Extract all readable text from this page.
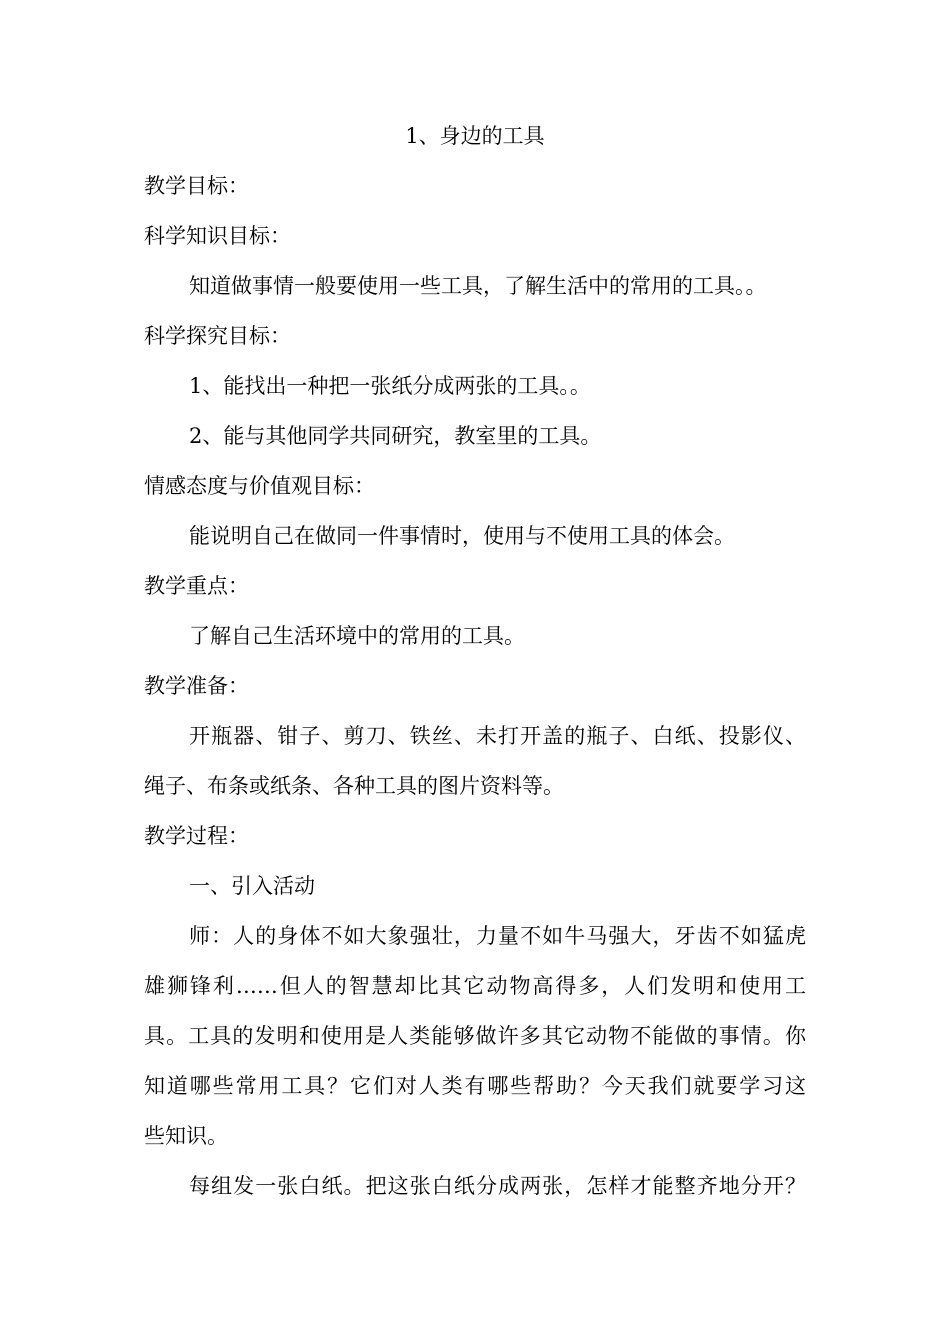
1、身边的工具
教学目标：
科学知识目标：
知道做事情一般要使用一些工具，了解生活中的常用的工具。。
科学探究目标：
1、能找出一种把一张纸分成两张的工具。。
2、能与其他同学共同研究，教室里的工具。
情感态度与价值观目标：
能说明自己在做同一件事情时，使用与不使用工具的体会。
教学重点：
了解自己生活环境中的常用的工具。
教学准备：
开瓶器、钳子、剪刀、铁丝、未打开盖的瓶子、白纸、投影仪、
绳子、布条或纸条、各种工具的图片资料等。
教学过程：
一、引入活动
师：人的身体不如大象强壮，力量不如牛马强大，牙齿不如猛虎
雄狮锋利……但人的智慧却比其它动物高得多，人们发明和使用工
具。工具的发明和使用是人类能够做许多其它动物不能做的事情。你
知道哪些常用工具？它们对人类有哪些帮助？今天我们就要学习这
些知识。
每组发一张白纸。把这张白纸分成两张，怎样才能整齐地分开？
